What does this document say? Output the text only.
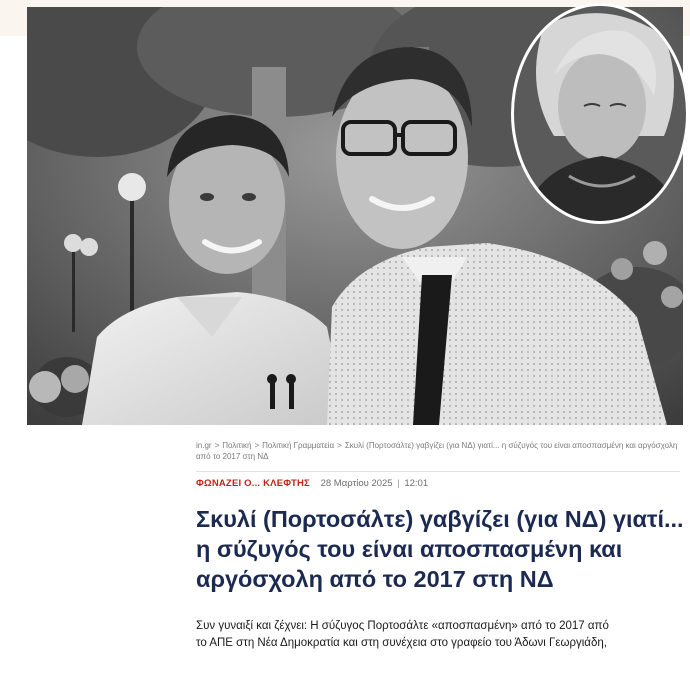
in.gr > Πολιτική > Πολιτική Γραμματεία > Σκυλί (Πορτοσάλτε) γαβγίζει (για ΝΔ) γιατί... η σύζυγός του είναι αποσπασμένη και αργόσχολη από το 2017 στη ΝΔ
ΦΩΝΑΖΕΙ Ο... ΚΛΕΦΤΗΣ 28 Μαρτίου 2025 | 12:01
Σκυλί (Πορτοσάλτε) γαβγίζει (για ΝΔ) γιατί... η σύζυγός του είναι αποσπασμένη και αργόσχολη από το 2017 στη ΝΔ

Συν γυναιξί και ζέχνει: Η σύζυγος Πορτοσάλτε «αποσπασμένη» από το 2017 από

το ΑΠΕ στη Νέα Δημοκρατία και στη συνέχεια στο γραφείο του Άδωνι Γεωργιάδη,
